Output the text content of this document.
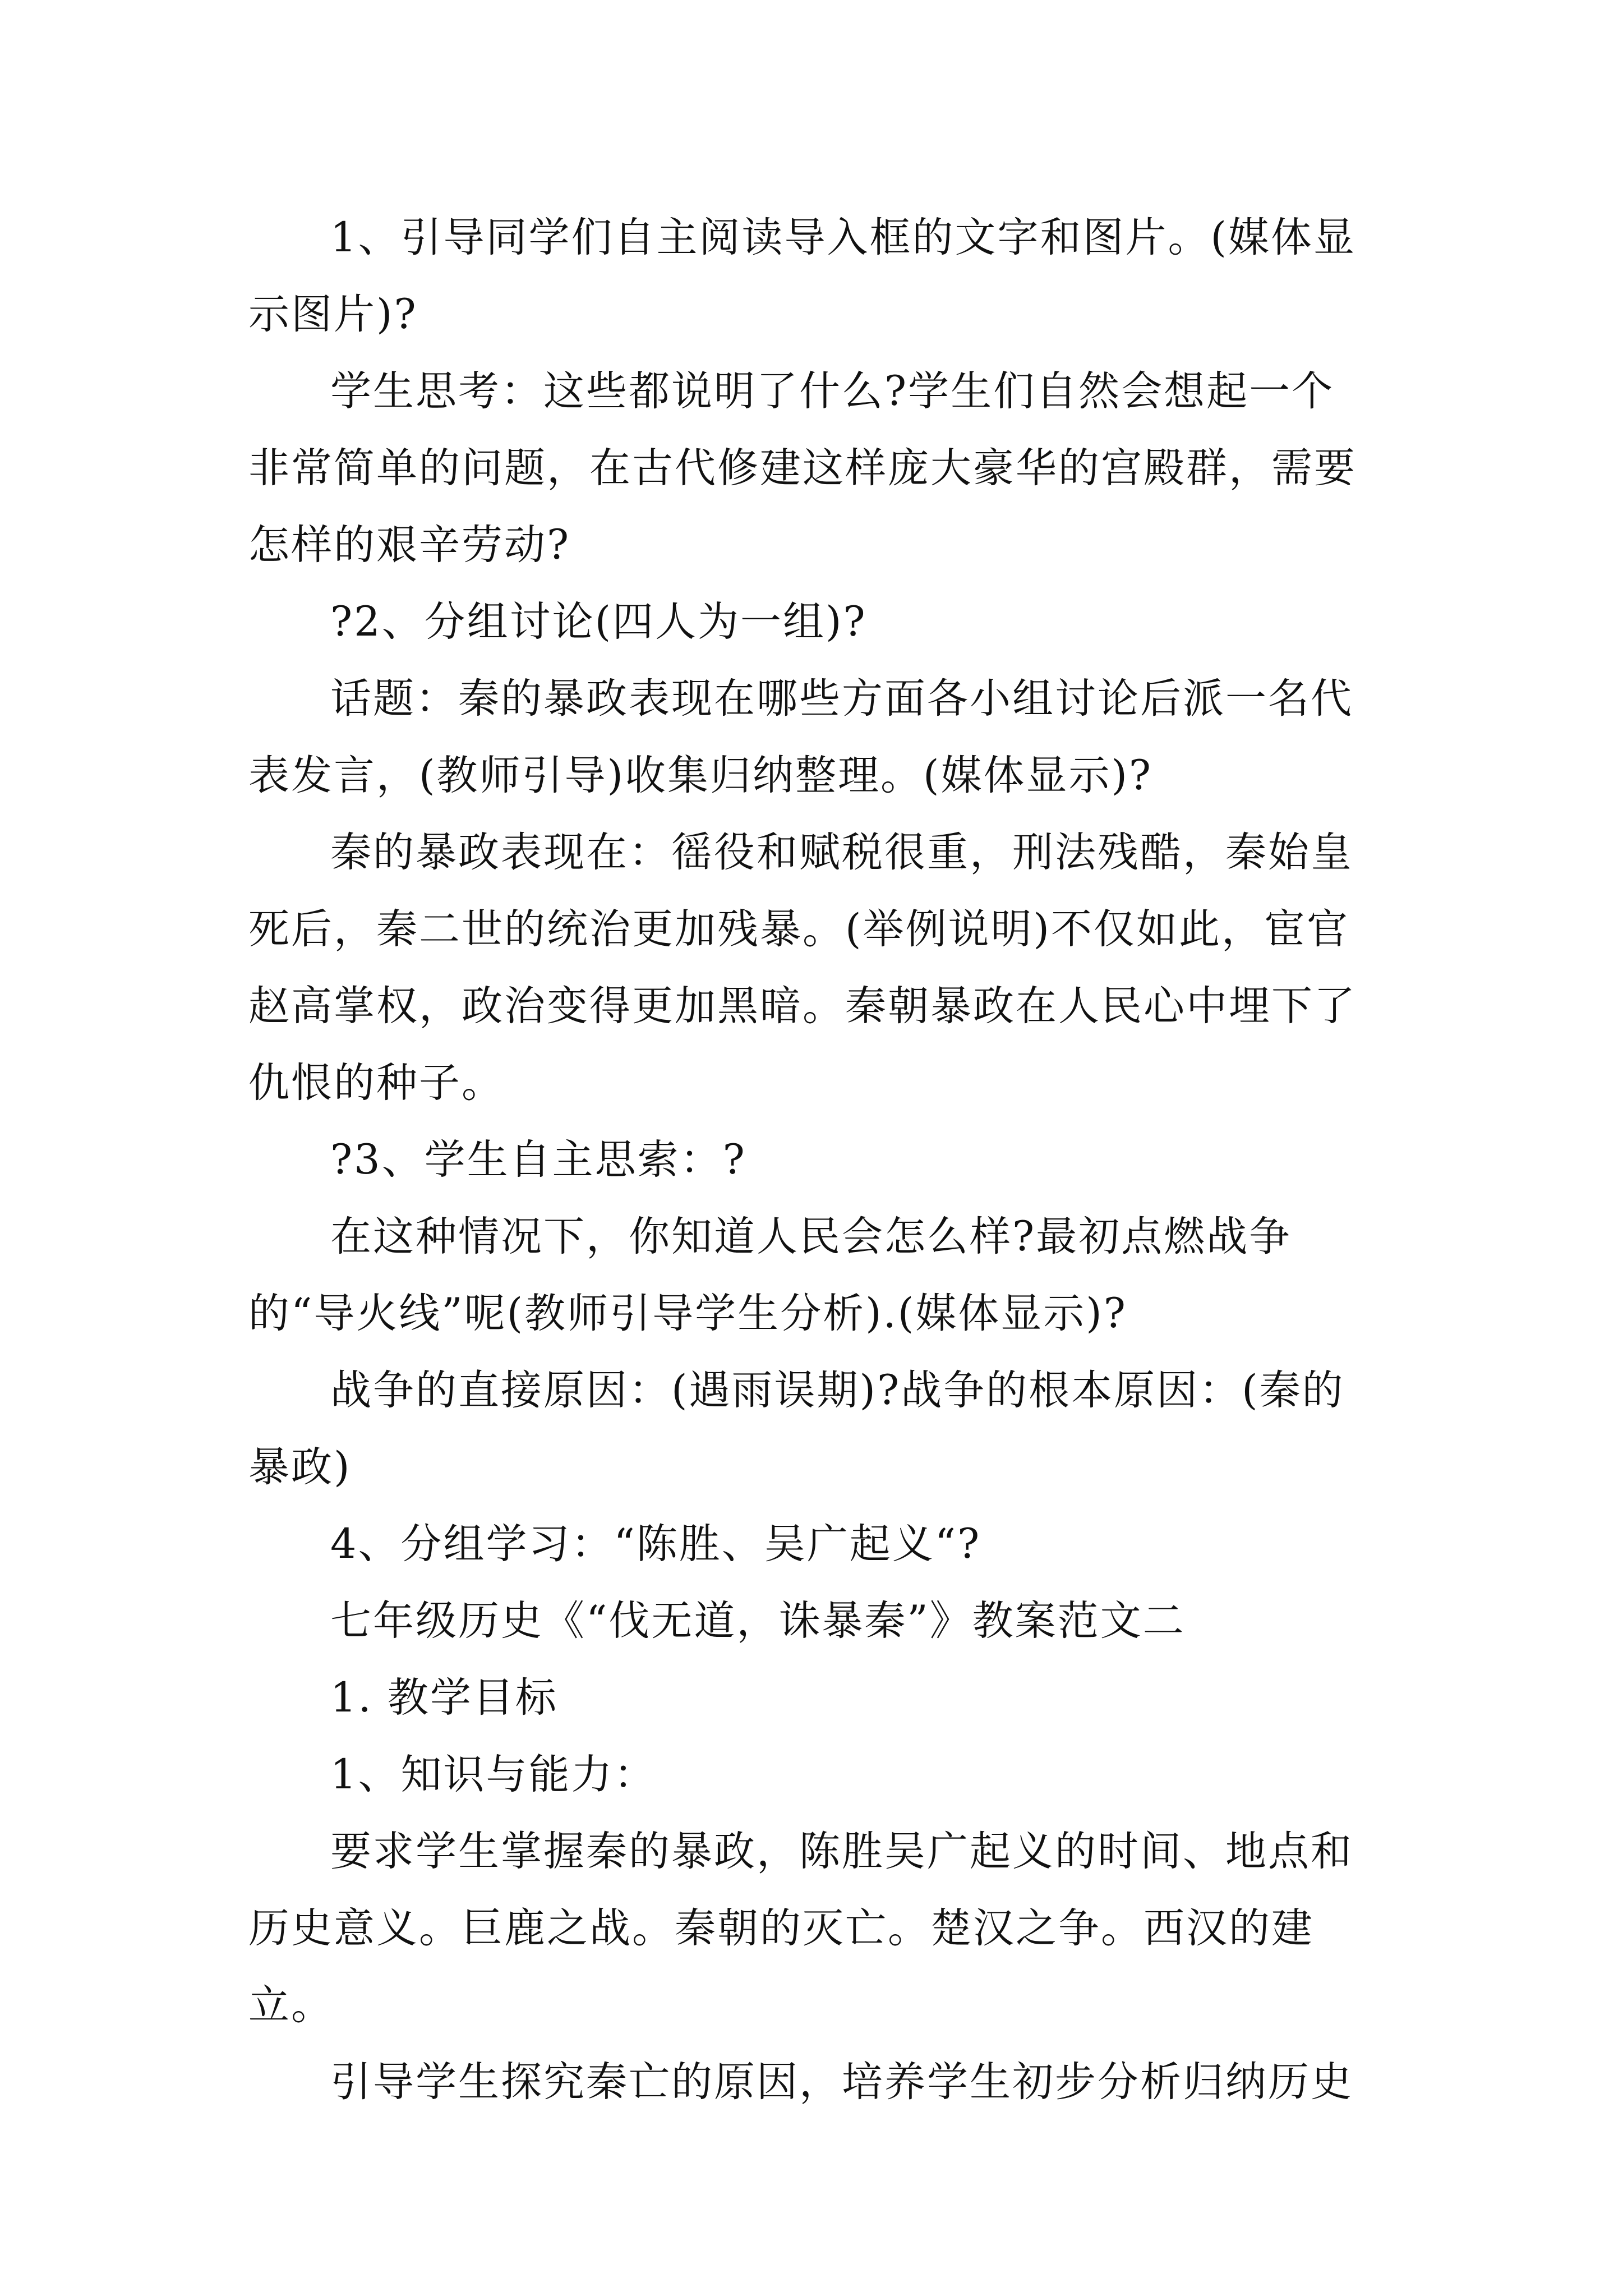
1、引导同学们自主阅读导入框的文字和图片。(媒体显示图片)?

学生思考：这些都说明了什么?学生们自然会想起一个非常简单的问题，在古代修建这样庞大豪华的宫殿群，需要怎样的艰辛劳动?

?2、分组讨论(四人为一组)?

话题：秦的暴政表现在哪些方面各小组讨论后派一名代表发言，(教师引导)收集归纳整理。(媒体显示)?

秦的暴政表现在：徭役和赋税很重，刑法残酷，秦始皇死后，秦二世的统治更加残暴。(举例说明)不仅如此，宦官赵高掌权，政治变得更加黑暗。秦朝暴政在人民心中埋下了仇恨的种子。

?3、学生自主思索：?

在这种情况下，你知道人民会怎么样?最初点燃战争的“导火线”呢(教师引导学生分析).(媒体显示)?

战争的直接原因：(遇雨误期)?战争的根本原因：(秦的暴政)

4、分组学习：“陈胜、吴广起义“?

七年级历史《“伐无道，诛暴秦”》教案范文二

1. 教学目标

1、知识与能力：

要求学生掌握秦的暴政，陈胜吴广起义的时间、地点和历史意义。巨鹿之战。秦朝的灭亡。楚汉之争。西汉的建立。

引导学生探究秦亡的原因，培养学生初步分析归纳历史
